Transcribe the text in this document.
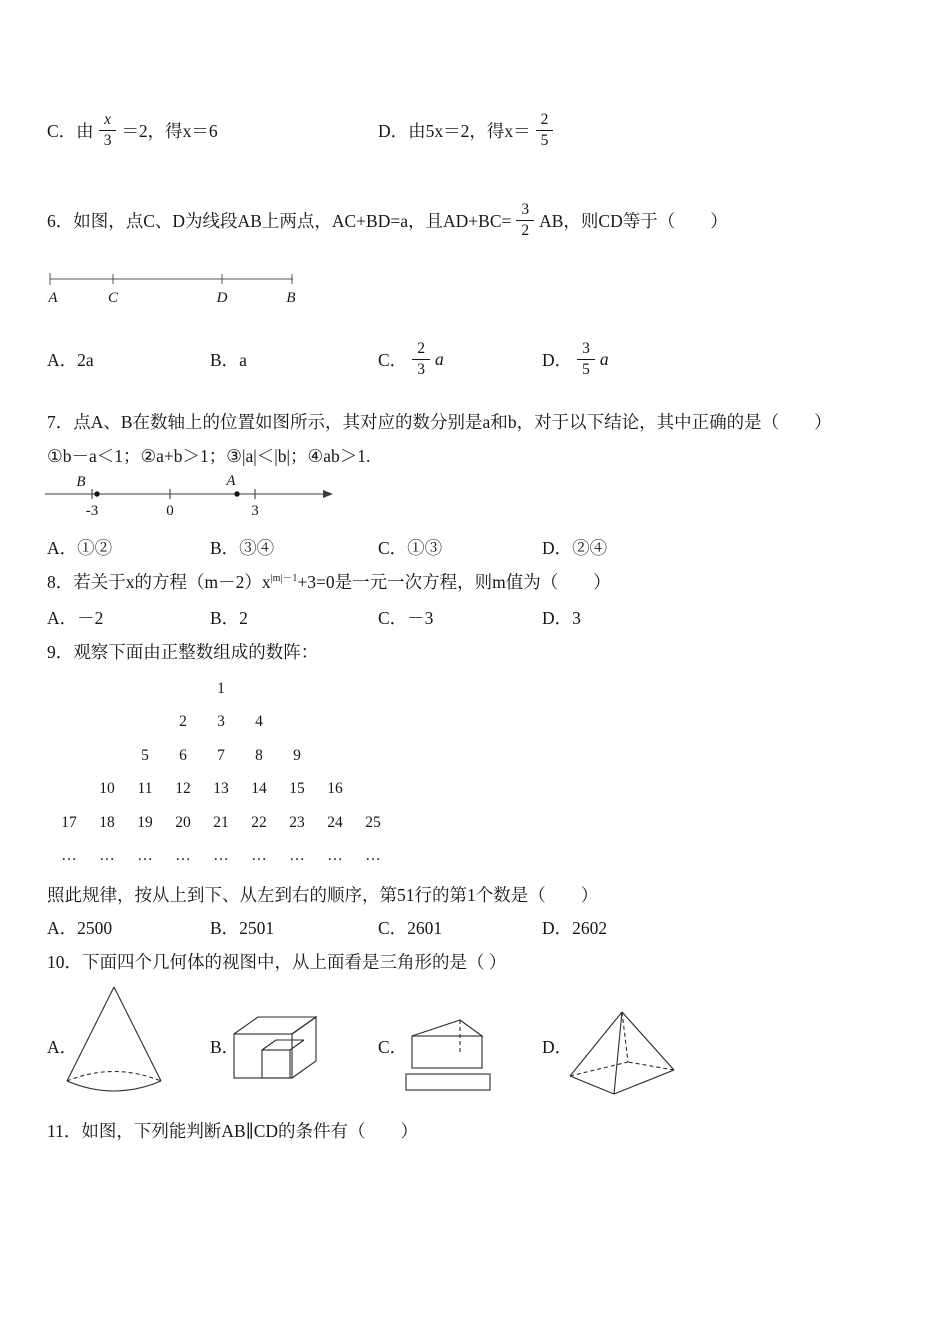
C．由 $\frac{x}{3} =2$，得x＝6	D．由5x＝2，得$x= \frac{2}{5}$
6．如图，点C、D为线段AB上两点，AC+BD=a，且$AD+BC= \frac{3}{2}$ AB，则CD等于（　　）
A	C	D	B
A．2a	B．a	C． $\frac{2}{3}$ a	D． $\frac{3}{5}$ a
7．点A、B在数轴上的位置如图所示，其对应的数分别是a和b，对于以下结论，其中正确的是（　　）
①b－a＜1；②a+b＞1；③|a|＜|b|；④ab＞1.
B	A
-3	0	3
A．①②	B．③④	C．①③	D．②④
8．若关于x的方程$(m-2)x^{|m|-1}+3=0$是一元一次方程，则m值为（　　）
A．－2	B．2	C．－3	D．3
9．观察下面由正整数组成的数阵：
1
2	3	4
5	6	7	8	9
10	11	12	13	14	15	16
17	18	19	20	21	22	23	24	25
…	…	…	…	…	…	…	…	…
照此规律，按从上到下、从左到右的顺序，第51行的第1个数是（　　）
A．2500	B．2501	C．2601	D．2602
10．下面四个几何体的视图中，从上面看是三角形的是（ ）
A．	B．	C．	D．
11．如图，下列能判断AB∥CD的条件有（　　）
